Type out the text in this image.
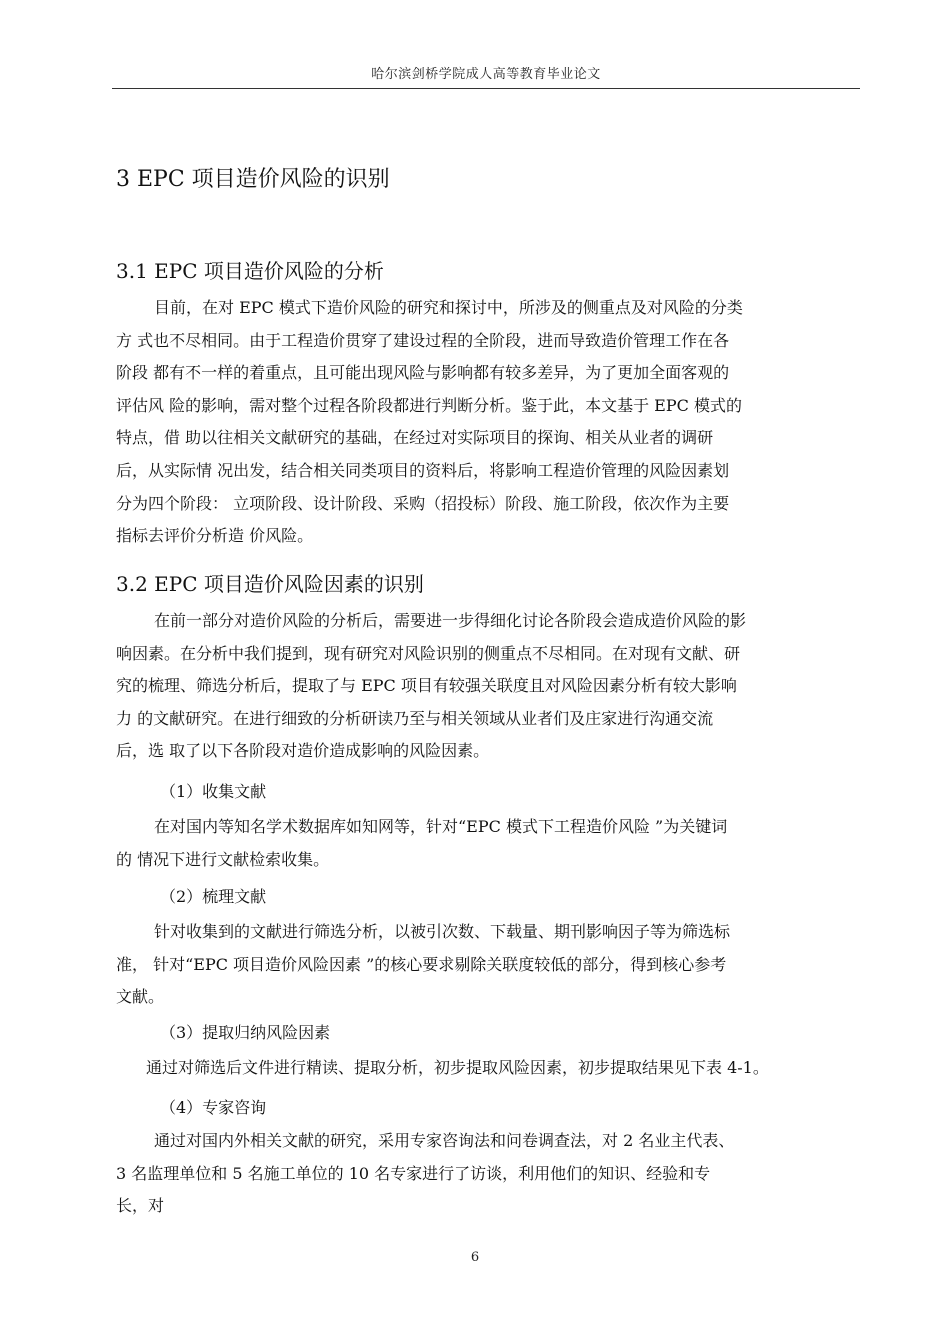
哈尔滨剑桥学院成人高等教育毕业论文
3 EPC 项目造价风险的识别
3.1 EPC 项目造价风险的分析
目前，在对 EPC 模式下造价风险的研究和探讨中，所涉及的侧重点及对风险的分类
方 式也不尽相同。由于工程造价贯穿了建设过程的全阶段，进而导致造价管理工作在各
阶段 都有不一样的着重点，且可能出现风险与影响都有较多差异，为了更加全面客观的
评估风 险的影响，需对整个过程各阶段都进行判断分析。鉴于此，本文基于 EPC 模式的
特点，借 助以往相关文献研究的基础，在经过对实际项目的探询、相关从业者的调研
后，从实际情 况出发，结合相关同类项目的资料后，将影响工程造价管理的风险因素划
分为四个阶段： 立项阶段、设计阶段、采购（招投标）阶段、施工阶段，依次作为主要
指标去评价分析造 价风险。
3.2 EPC 项目造价风险因素的识别
在前一部分对造价风险的分析后，需要进一步得细化讨论各阶段会造成造价风险的影
响因素。在分析中我们提到，现有研究对风险识别的侧重点不尽相同。在对现有文献、研
究的梳理、筛选分析后，提取了与 EPC 项目有较强关联度且对风险因素分析有较大影响
力 的文献研究。在进行细致的分析研读乃至与相关领域从业者们及庄家进行沟通交流
后，选 取了以下各阶段对造价造成影响的风险因素。
（1）收集文献
在对国内等知名学术数据库如知网等，针对“EPC 模式下工程造价风险 ”为关键词
的 情况下进行文献检索收集。
（2）梳理文献
针对收集到的文献进行筛选分析，以被引次数、下载量、期刊影响因子等为筛选标
准， 针对“EPC 项目造价风险因素 ”的核心要求剔除关联度较低的部分，得到核心参考
文献。
（3）提取归纳风险因素
通过对筛选后文件进行精读、提取分析，初步提取风险因素，初步提取结果见下表 4-1。
（4）专家咨询
通过对国内外相关文献的研究，采用专家咨询法和问卷调查法，对 2 名业主代表、
3 名监理单位和 5 名施工单位的 10 名专家进行了访谈，利用他们的知识、经验和专
长，对
6
